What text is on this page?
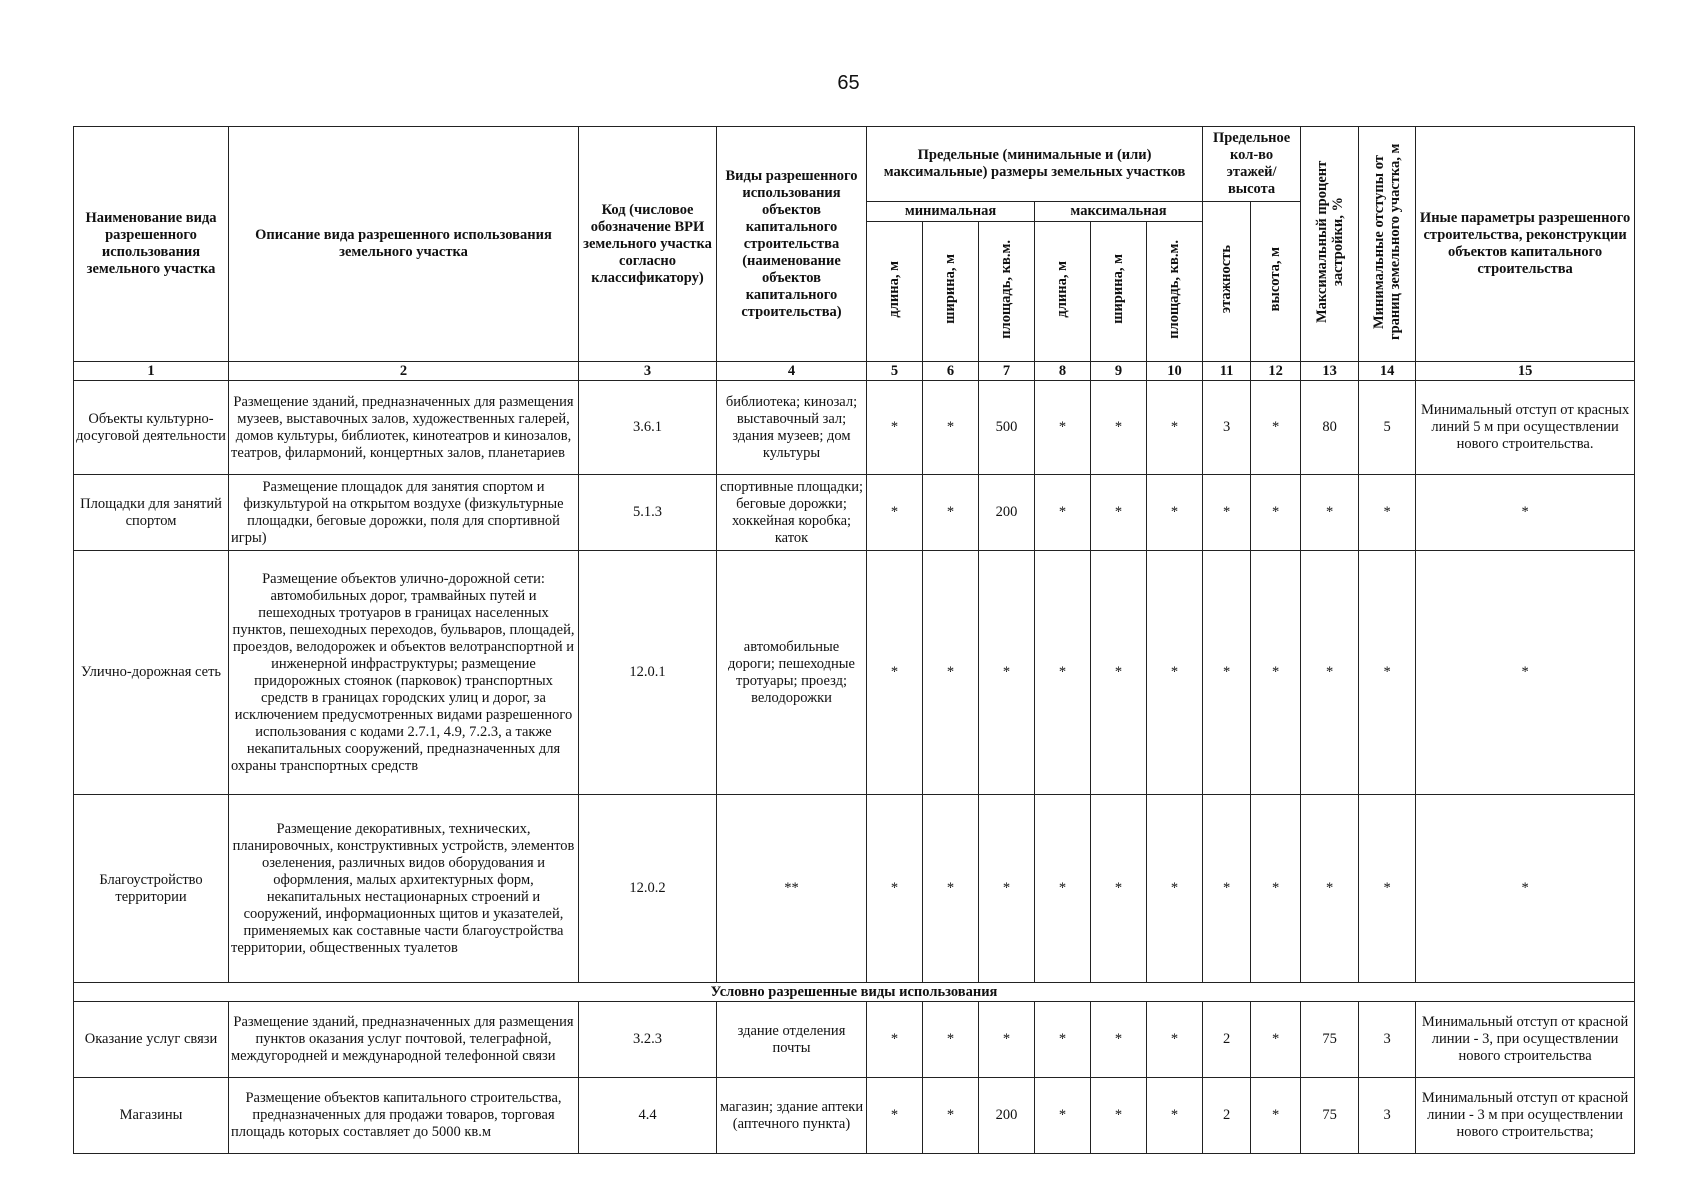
65
Наименование вида разрешенного использования земельного участка	Описание вида разрешенного использования земельного участка	Код (числовое обозначение ВРИ земельного участка согласно классификатору)	Виды разрешенного использования объектов капитального строительства (наименование объектов капитального строительства)	Предельные (минимальные и (или) максимальные) размеры земельных участков						Предельное кол-во этажей/ высота		Максимальный процент застройки, %	Минимальные отступы от границ земельного участка, м	Иные параметры разрешенного строительства, реконструкции объектов капитального строительства
				минимальная			максимальная			этажность	высота, м			
				длина, м	ширина, м	площадь, кв.м.	длина, м	ширина, м	площадь, кв.м.					
1	2	3	4	5	6	7	8	9	10	11	12	13	14	15
Объекты культурно-досуговой деятельности	Размещение зданий, предназначенных для размещения музеев, выставочных залов, художественных галерей, домов культуры, библиотек, кинотеатров и кинозалов, театров, филармоний, концертных залов, планетариев	3.6.1	библиотека; кинозал; выставочный зал; здания музеев; дом культуры	*	*	500	*	*	*	3	*	80	5	Минимальный отступ от красных линий 5 м при осуществлении нового строительства.
Площадки для занятий спортом	Размещение площадок для занятия спортом и физкультурой на открытом воздухе (физкультурные площадки, беговые дорожки, поля для спортивной игры)	5.1.3	спортивные площадки; беговые дорожки; хоккейная коробка; каток	*	*	200	*	*	*	*	*	*	*	*
Улично-дорожная сеть	Размещение объектов улично-дорожной сети: автомобильных дорог, трамвайных путей и пешеходных тротуаров в границах населенных пунктов, пешеходных переходов, бульваров, площадей, проездов, велодорожек и объектов велотранспортной и инженерной инфраструктуры; размещение придорожных стоянок (парковок) транспортных средств в границах городских улиц и дорог, за исключением предусмотренных видами разрешенного использования с кодами 2.7.1, 4.9, 7.2.3, а также некапитальных сооружений, предназначенных для охраны транспортных средств	12.0.1	автомобильные дороги; пешеходные тротуары; проезд; велодорожки	*	*	*	*	*	*	*	*	*	*	*
Благоустройство территории	Размещение декоративных, технических, планировочных, конструктивных устройств, элементов озеленения, различных видов оборудования и оформления, малых архитектурных форм, некапитальных нестационарных строений и сооружений, информационных щитов и указателей, применяемых как составные части благоустройства территории, общественных туалетов	12.0.2	**	*	*	*	*	*	*	*	*	*	*	*
Условно разрешенные виды использования														
Оказание услуг связи	Размещение зданий, предназначенных для размещения пунктов оказания услуг почтовой, телеграфной, междугородней и международной телефонной связи	3.2.3	здание отделения почты	*	*	*	*	*	*	2	*	75	3	Минимальный отступ от красной линии - 3, при осуществлении нового строительства
Магазины	Размещение объектов капитального строительства, предназначенных для продажи товаров, торговая площадь которых составляет до 5000 кв.м	4.4	магазин; здание аптеки (аптечного пункта)	*	*	200	*	*	*	2	*	75	3	Минимальный отступ от красной линии - 3 м при осуществлении нового строительства;
